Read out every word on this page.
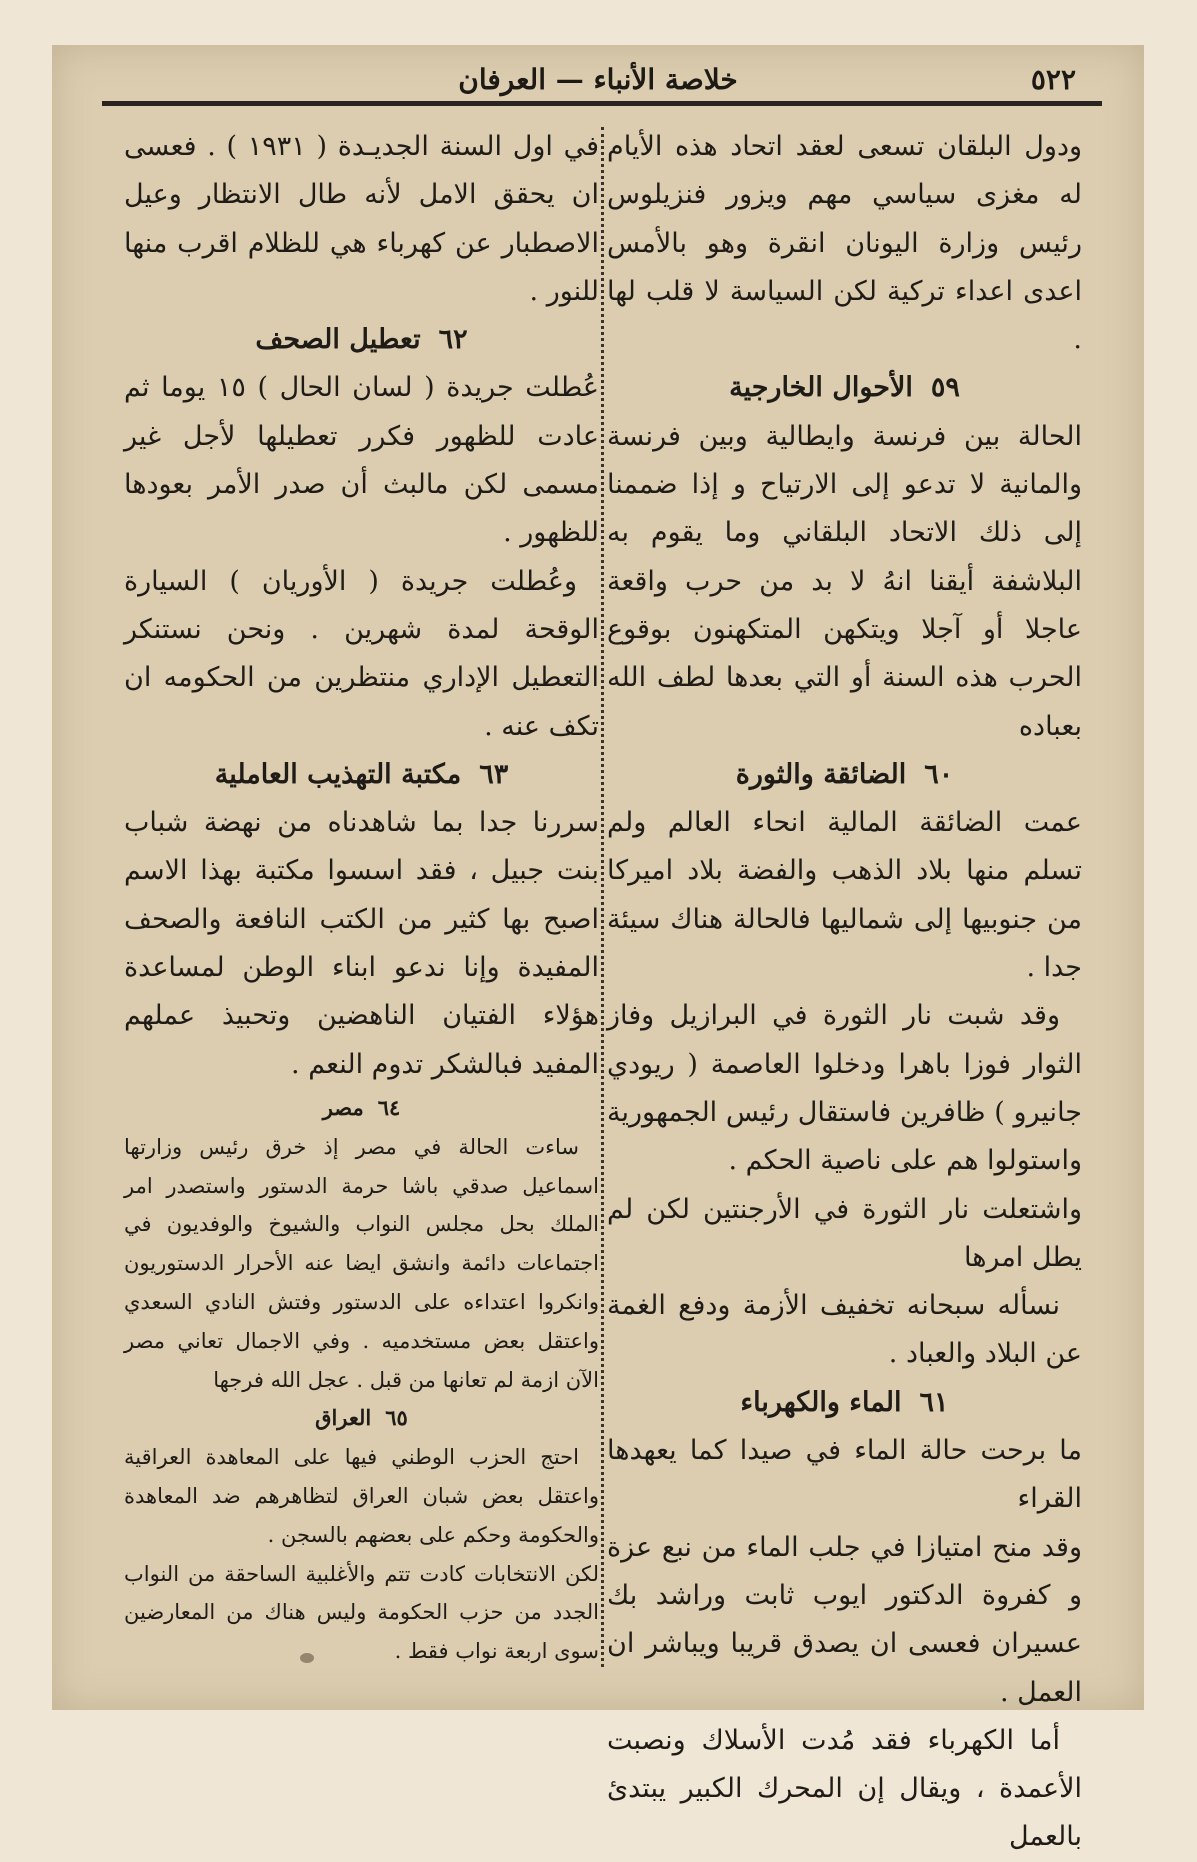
٥٢٢
خلاصة الأنباء — العرفان
ودول البلقان تسعى لعقد اتحاد هذه الأيام له مغزى سياسي مهم ويزور فنزيلوس رئيس وزارة اليونان انقرة وهو بالأمس اعدى اعداء تركية لكن السياسة لا قلب لها .
٥٩الأحوال الخارجية
الحالة بين فرنسة وايطالية وبين فرنسة والمانية لا تدعو إلى الارتياح و إذا ضممنا إلى ذلك الاتحاد البلقاني وما يقوم به البلاشفة أيقنا انهُ لا بد من حرب واقعة عاجلا أو آجلا ويتكهن المتكهنون بوقوع الحرب هذه السنة أو التي بعدها لطف الله بعباده
٦٠الضائقة والثورة
عمت الضائقة المالية انحاء العالم ولم تسلم منها بلاد الذهب والفضة بلاد اميركا من جنوبيها إلى شماليها فالحالة هناك سيئة جدا .
وقد شبت نار الثورة في البرازيل وفاز الثوار فوزا باهرا ودخلوا العاصمة ( ريودي جانيرو ) ظافرين فاستقال رئيس الجمهورية واستولوا هم على ناصية الحكم .
واشتعلت نار الثورة في الأرجنتين لكن لم يطل امرها
نسأله سبحانه تخفيف الأزمة ودفع الغمة عن البلاد والعباد .
٦١الماء والكهرباء
ما برحت حالة الماء في صيدا كما يعهدها القراء
وقد منح امتيازا في جلب الماء من نبع عزة و كفروة الدكتور ايوب ثابت وراشد بك عسيران فعسى ان يصدق قريبا ويباشر ان العمل .
أما الكهرباء فقد مُدت الأسلاك ونصبت الأعمدة ، ويقال إن المحرك الكبير يبتدئ بالعمل
في اول السنة الجديـدة ( ١٩٣١ ) . فعسى ان يحقق الامل لأنه طال الانتظار وعيل الاصطبار عن كهرباء هي للظلام اقرب منها للنور .
٦٢تعطيل الصحف
عُطلت جريدة ( لسان الحال ) ١٥ يوما ثم عادت للظهور فكرر تعطيلها لأجل غير مسمى لكن مالبث أن صدر الأمر بعودها للظهور .
وعُطلت جريدة ( الأوريان ) السيارة الوقحة لمدة شهرين . ونحن نستنكر التعطيل الإداري منتظرين من الحكومه ان تكف عنه .
٦٣مكتبة التهذيب العاملية
سررنا جدا بما شاهدناه من نهضة شباب بنت جبيل ، فقد اسسوا مكتبة بهذا الاسم اصبح بها كثير من الكتب النافعة والصحف المفيدة وإنا ندعو ابناء الوطن لمساعدة هؤلاء الفتيان الناهضين وتحبيذ عملهم المفيد فبالشكر تدوم النعم .
٦٤مصر
ساءت الحالة في مصر إذ خرق رئيس وزارتها اسماعيل صدقي باشا حرمة الدستور واستصدر امر الملك بحل مجلس النواب والشيوخ والوفديون في اجتماعات دائمة وانشق ايضا عنه الأحرار الدستوريون وانكروا اعتداءه على الدستور وفتش النادي السعدي واعتقل بعض مستخدميه . وفي الاجمال تعاني مصر الآن ازمة لم تعانها من قبل . عجل الله فرجها
٦٥العراق
احتج الحزب الوطني فيها على المعاهدة العراقية واعتقل بعض شبان العراق لتظاهرهم ضد المعاهدة والحكومة وحكم على بعضهم بالسجن .
لكن الانتخابات كادت تتم والأغلبية الساحقة من النواب الجدد من حزب الحكومة وليس هناك من المعارضين سوى اربعة نواب فقط .
